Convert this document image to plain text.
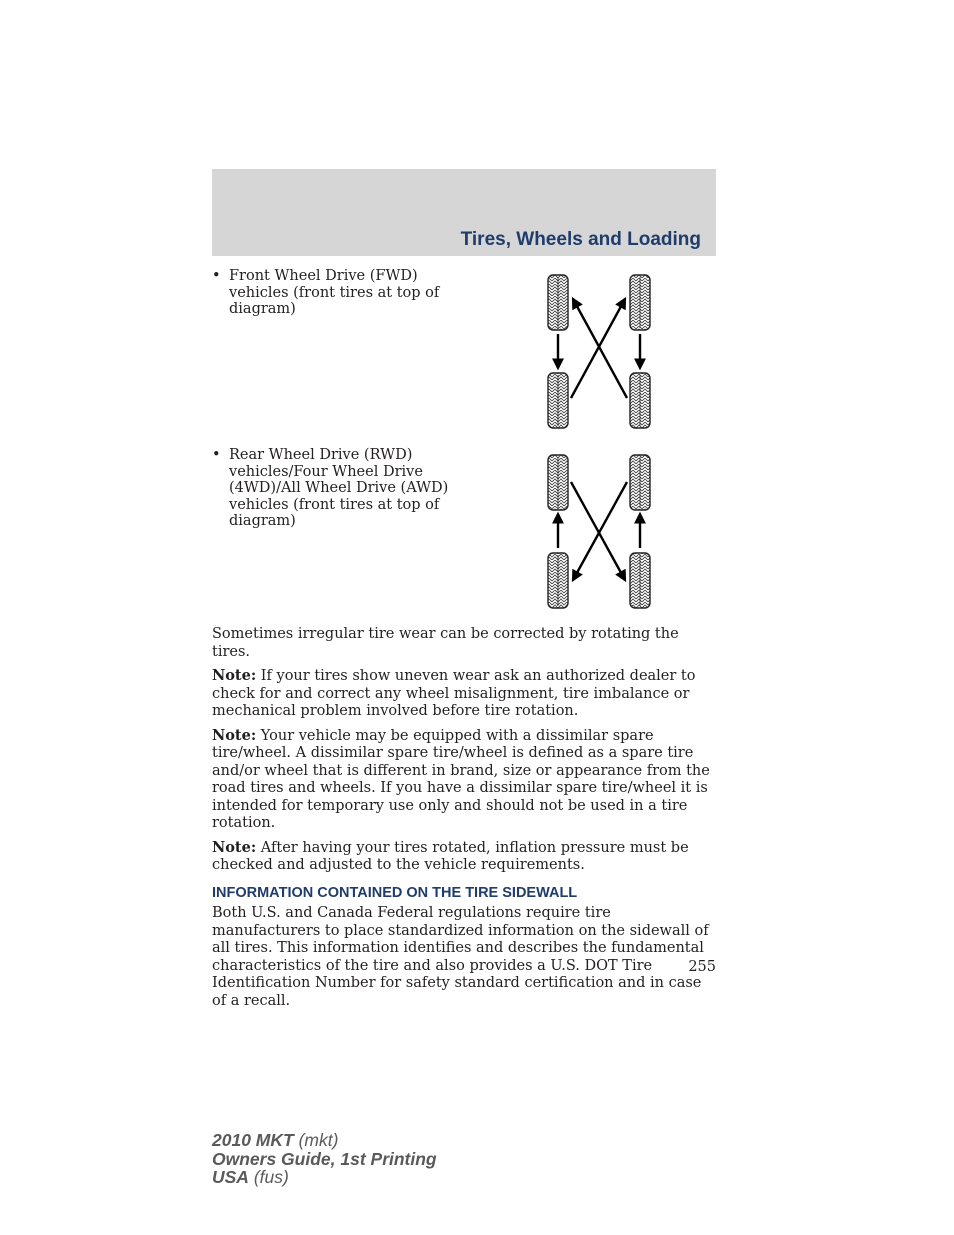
Tires, Wheels and Loading
• Front Wheel Drive (FWD) vehicles (front tires at top of diagram)
• Rear Wheel Drive (RWD) vehicles/Four Wheel Drive (4WD)/All Wheel Drive (AWD) vehicles (front tires at top of diagram)

Sometimes irregular tire wear can be corrected by rotating the tires.

Note: If your tires show uneven wear ask an authorized dealer to check for and correct any wheel misalignment, tire imbalance or mechanical problem involved before tire rotation.

Note: Your vehicle may be equipped with a dissimilar spare tire/wheel. A dissimilar spare tire/wheel is defined as a spare tire and/or wheel that is different in brand, size or appearance from the road tires and wheels. If you have a dissimilar spare tire/wheel it is intended for temporary use only and should not be used in a tire rotation.

Note: After having your tires rotated, inflation pressure must be checked and adjusted to the vehicle requirements.

INFORMATION CONTAINED ON THE TIRE SIDEWALL

Both U.S. and Canada Federal regulations require tire manufacturers to place standardized information on the sidewall of all tires. This information identifies and describes the fundamental characteristics of the tire and also provides a U.S. DOT Tire Identification Number for safety standard certification and in case of a recall.

255
2010 MKT (mkt)
Owners Guide, 1st Printing
USA (fus)
